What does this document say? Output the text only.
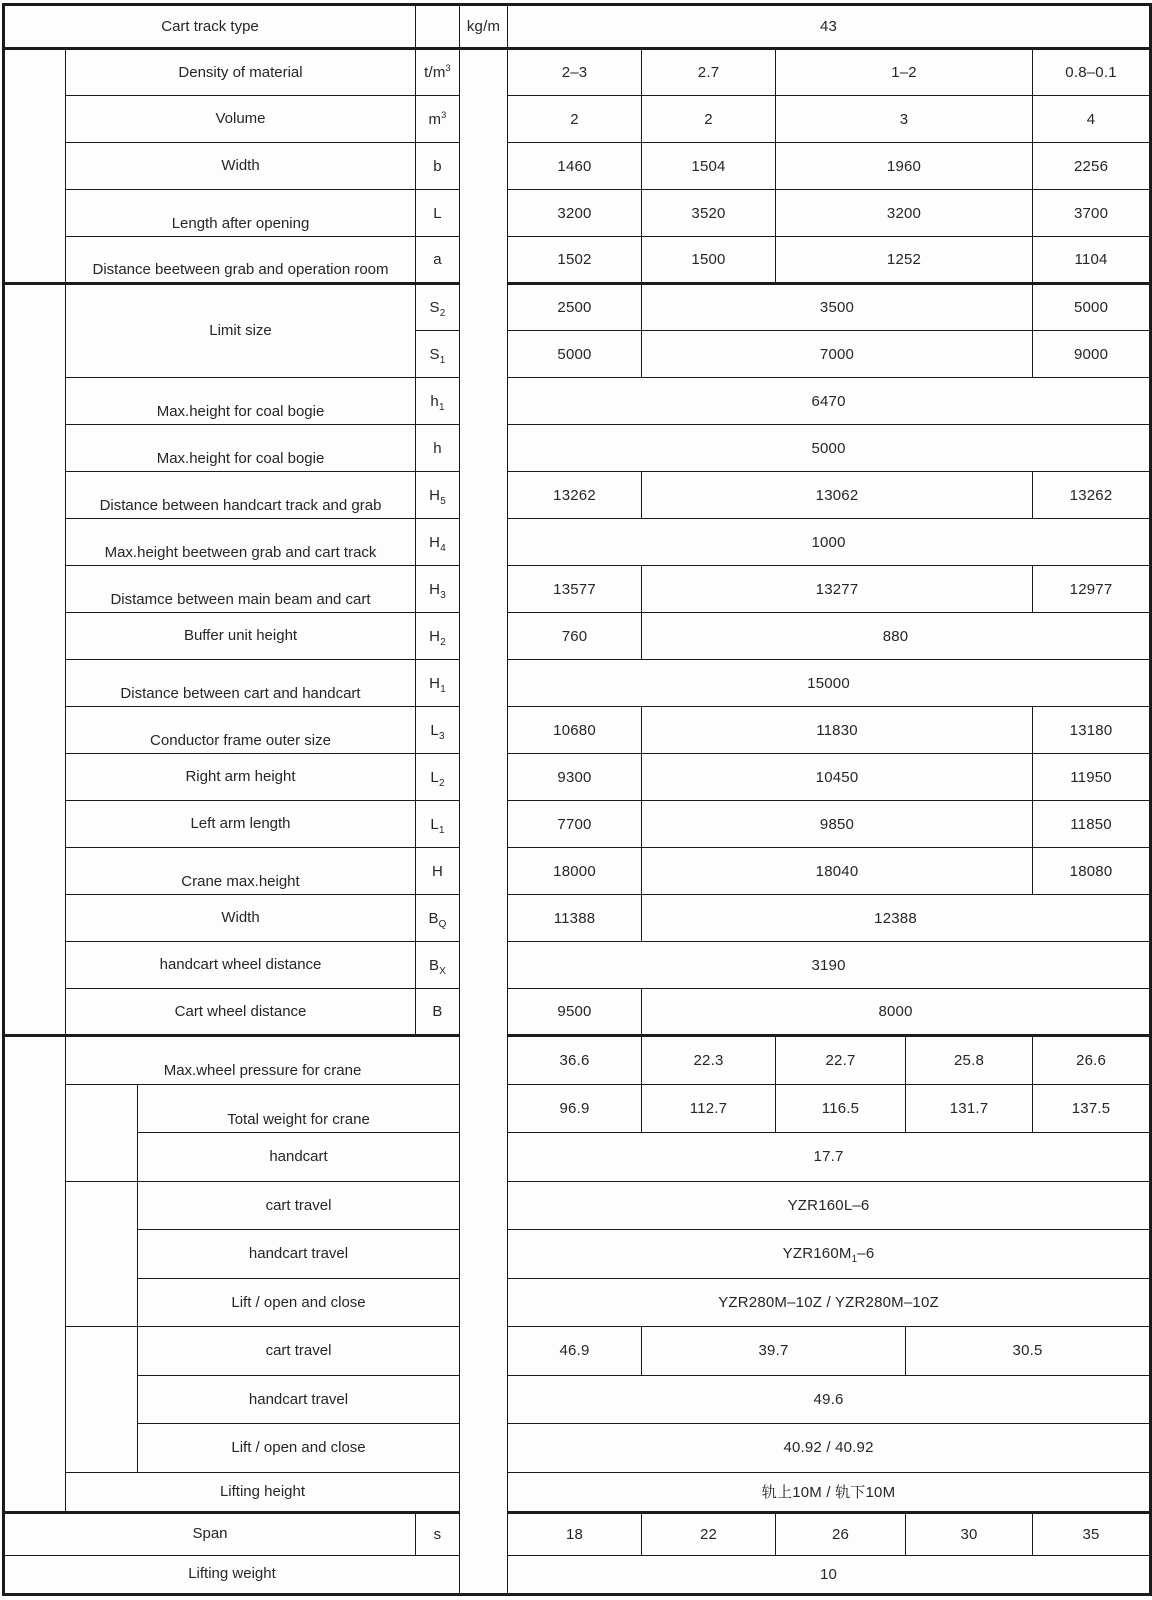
Cart track type				kg/m	43				
	Density of material		$t/m^3$		2–3	2.7	1–2		0.8–0.1
	Volume		$m^3$		2	2	3		4
	Width		b		1460	1504	1960		2256
	Length after opening		L		3200	3520	3200		3700
	Distance beetween grab and operation room		a		1502	1500	1252		1104
	Limit size		$S_2$		2500	3500			5000
			$S_1$		5000	7000			9000
	Max.height for coal bogie		$h_1$		6470				
	Max.height for coal bogie		h		5000				
	Distance between handcart track and grab		$H_5$		13262	13062			13262
	Max.height beetween grab and cart track		$H_4$		1000				
	Distamce between main beam and cart		$H_3$		13577	13277			12977
	Buffer unit height		$H_2$		760	880			
	Distance between cart and handcart		$H_1$		15000				
	Conductor frame outer size		$L_3$		10680	11830			13180
	Right arm height		$L_2$		9300	10450			11950
	Left arm length		$L_1$		7700	9850			11850
	Crane max.height		H		18000	18040			18080
	Width		$B_Q$		11388	12388			
	handcart wheel distance		$B_X$		3190				
	Cart wheel distance		B		9500	8000			
	Max.wheel pressure for crane				36.6	22.3	22.7	25.8	26.6
		Total weight for crane			96.9	112.7	116.5	131.7	137.5
		handcart			17.7				
		cart travel			YZR160L–6				
		handcart travel			$YZR160M_1-6$				
		Lift / open and close			YZR280M–10Z / YZR280M–10Z				
		cart travel			46.9	39.7		30.5	
		handcart travel			49.6				
		Lift / open and close			40.92 / 40.92				
	Lifting height				轨上10M / 轨下10M				
Span			s		18	22	26	30	35
Lifting weight					10				
